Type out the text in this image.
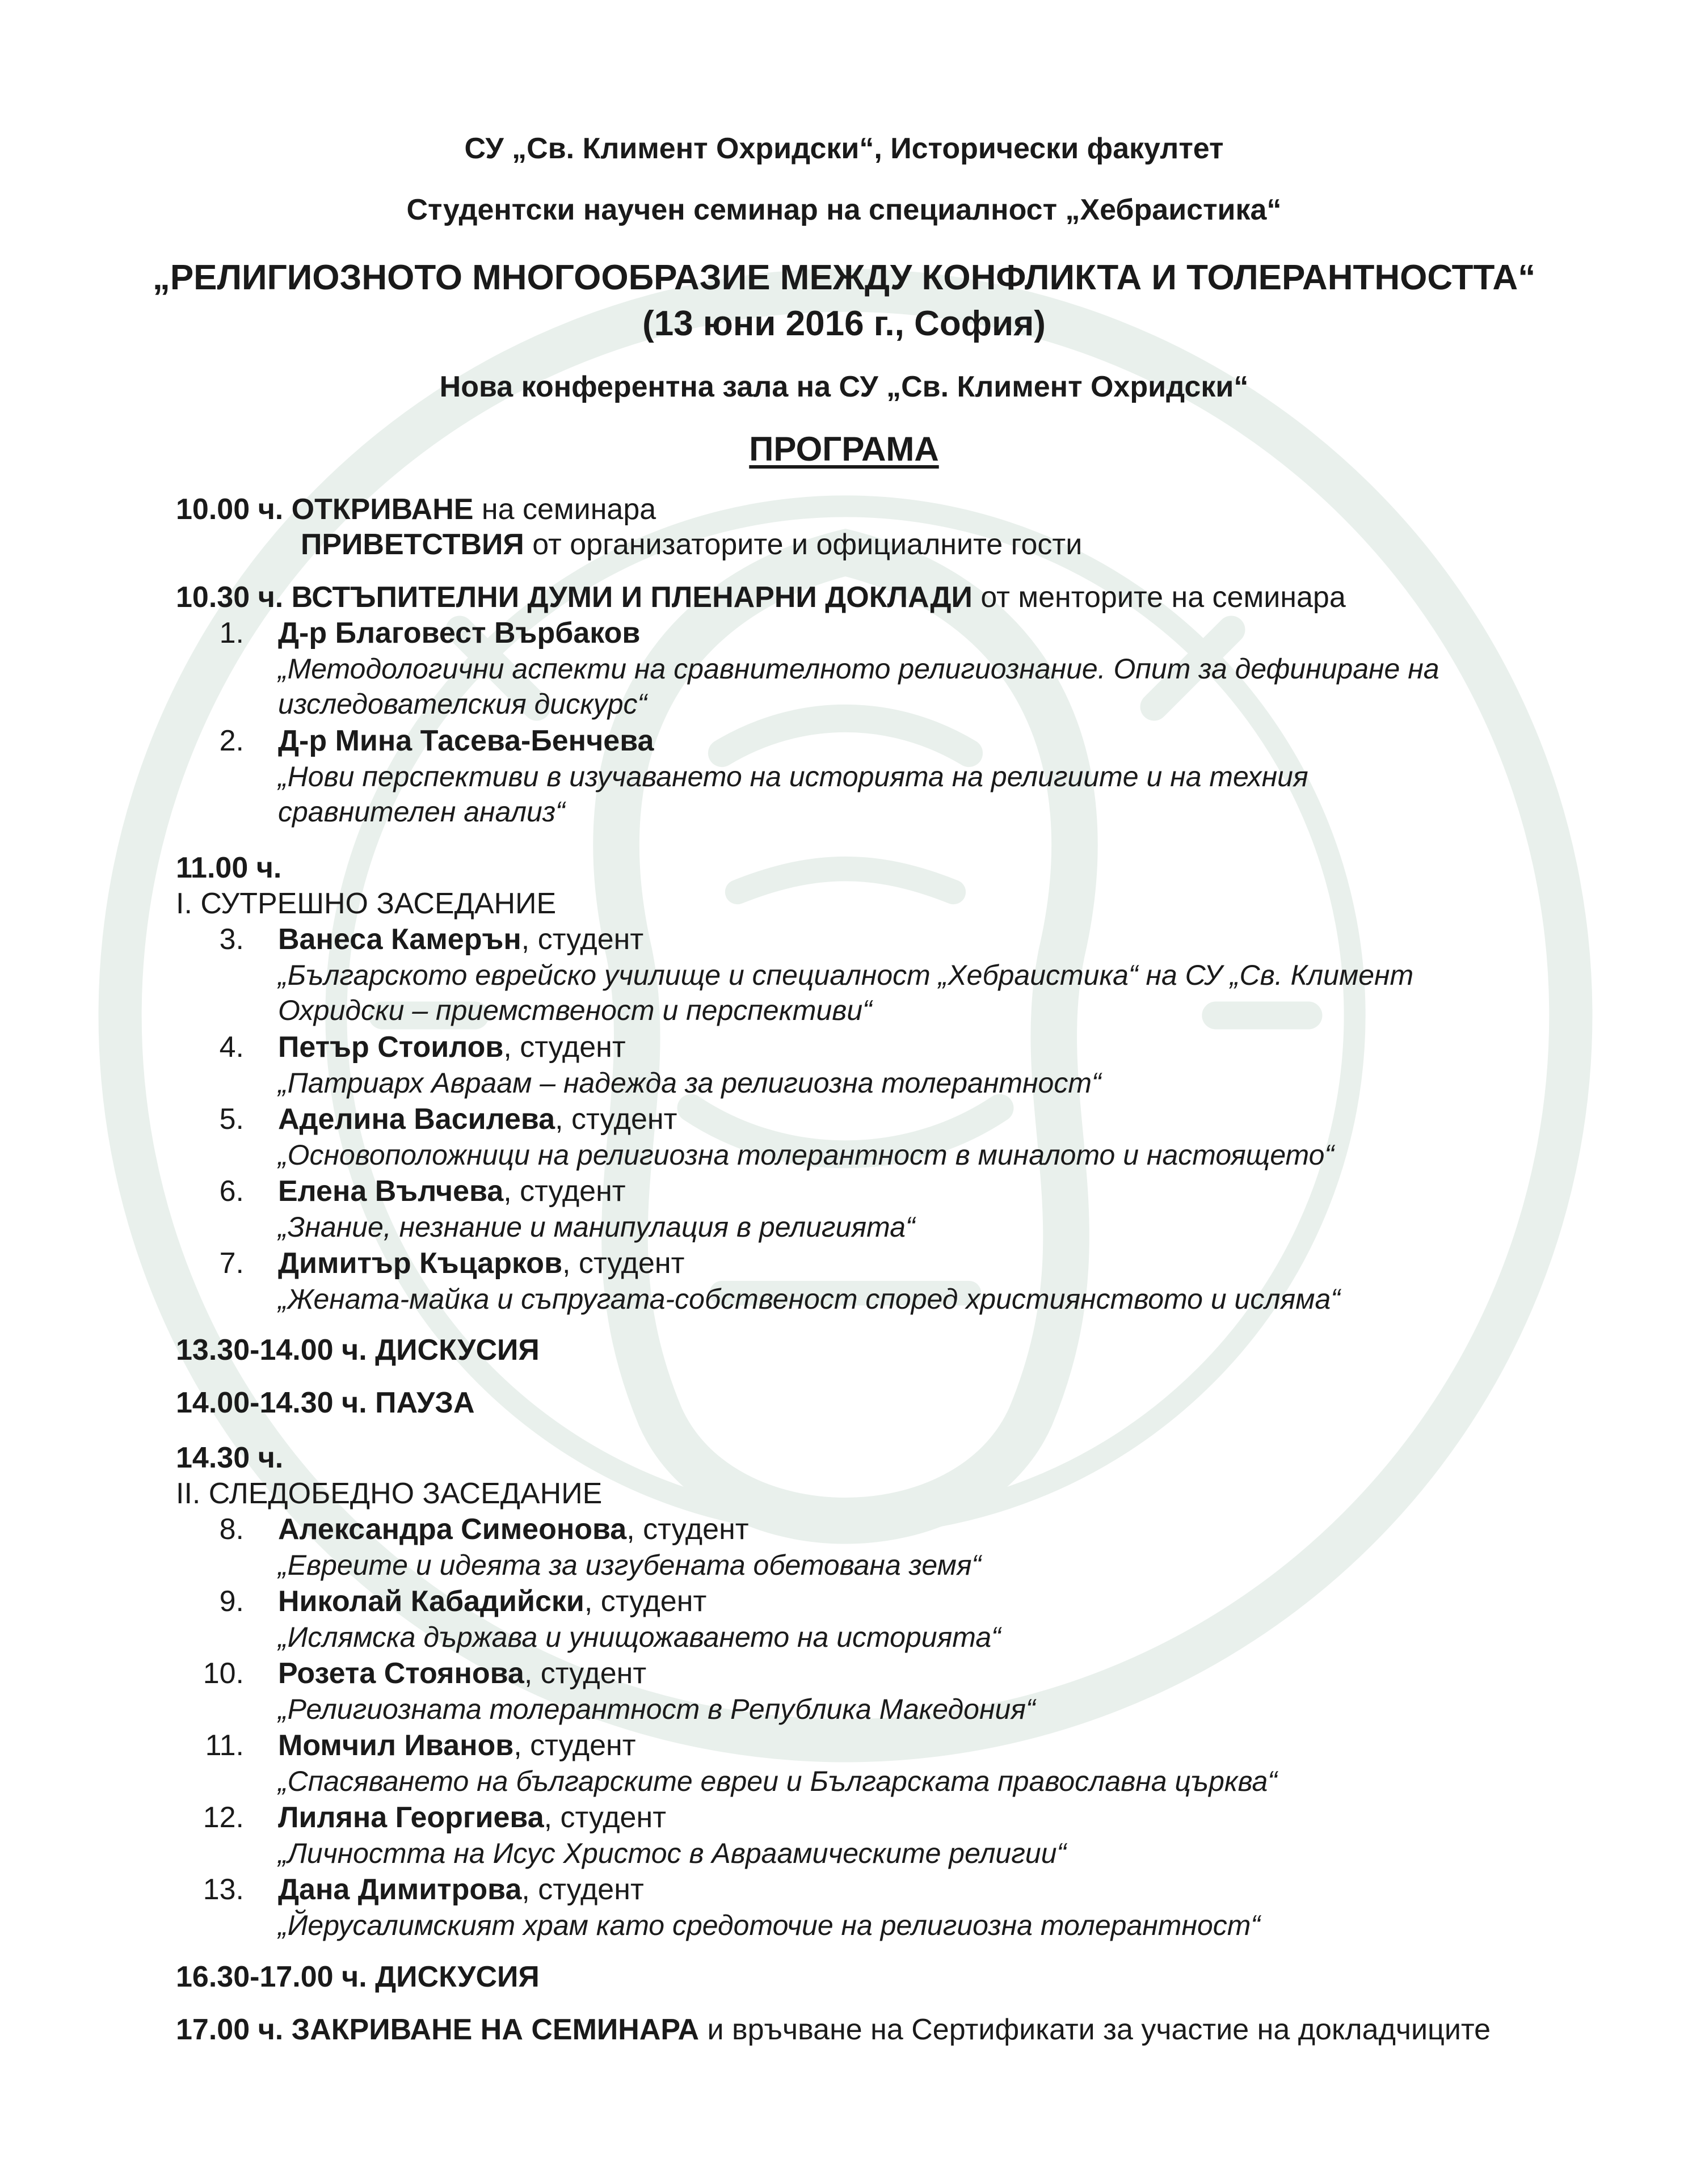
СУ „Св. Климент Охридски“, Исторически факултет
Студентски научен семинар на специалност „Хебраистика“
„РЕЛИГИОЗНОТО МНОГООБРАЗИЕ МЕЖДУ КОНФЛИКТА И ТОЛЕРАНТНОСТТА“
(13 юни 2016 г., София)
Нова конферентна зала на СУ „Св. Климент Охридски“
ПРОГРАМА
10.00 ч. ОТКРИВАНЕ на семинара
ПРИВЕТСТВИЯ от организаторите и официалните гости
10.30 ч. ВСТЪПИТЕЛНИ ДУМИ И ПЛЕНАРНИ ДОКЛАДИ от менторите на семинара
1. Д-р Благовест Върбаков
„Методологични аспекти на сравнителното религиознание. Опит за дефиниране на
изследователския дискурс“
2. Д-р Мина Тасева-Бенчева
„Нови перспективи в изучаването на историята на религиите и на техния
сравнителен анализ“
11.00 ч.
I. СУТРЕШНО ЗАСЕДАНИЕ
3. Ванеса Камерън, студент
„Българското еврейско училище и специалност „Хебраистика“ на СУ „Св. Климент
Охридски – приемственост и перспективи“
4. Петър Стоилов, студент
„Патриарх Авраам – надежда за религиозна толерантност“
5. Аделина Василева, студент
„Основоположници на религиозна толерантност в миналото и настоящето“
6. Елена Вълчева, студент
„Знание, незнание и манипулация в религията“
7. Димитър Къцарков, студент
„Жената-майка и съпругата-собственост според християнството и исляма“
13.30-14.00 ч. ДИСКУСИЯ
14.00-14.30 ч. ПАУЗА
14.30 ч.
II. СЛЕДОБЕДНО ЗАСЕДАНИЕ
8. Александра Симеонова, студент
„Евреите и идеята за изгубената обетована земя“
9. Николай Кабадийски, студент
„Ислямска държава и унищожаването на историята“
10. Розета Стоянова, студент
„Религиозната толерантност в Република Македония“
11. Момчил Иванов, студент
„Спасяването на българските евреи и Българската православна църква“
12. Лиляна Георгиева, студент
„Личността на Исус Христос в Авраамическите религии“
13. Дана Димитрова, студент
„Йерусалимският храм като средоточие на религиозна толерантност“
16.30-17.00 ч. ДИСКУСИЯ
17.00 ч. ЗАКРИВАНЕ НА СЕМИНАРА и връчване на Сертификати за участие на докладчиците
